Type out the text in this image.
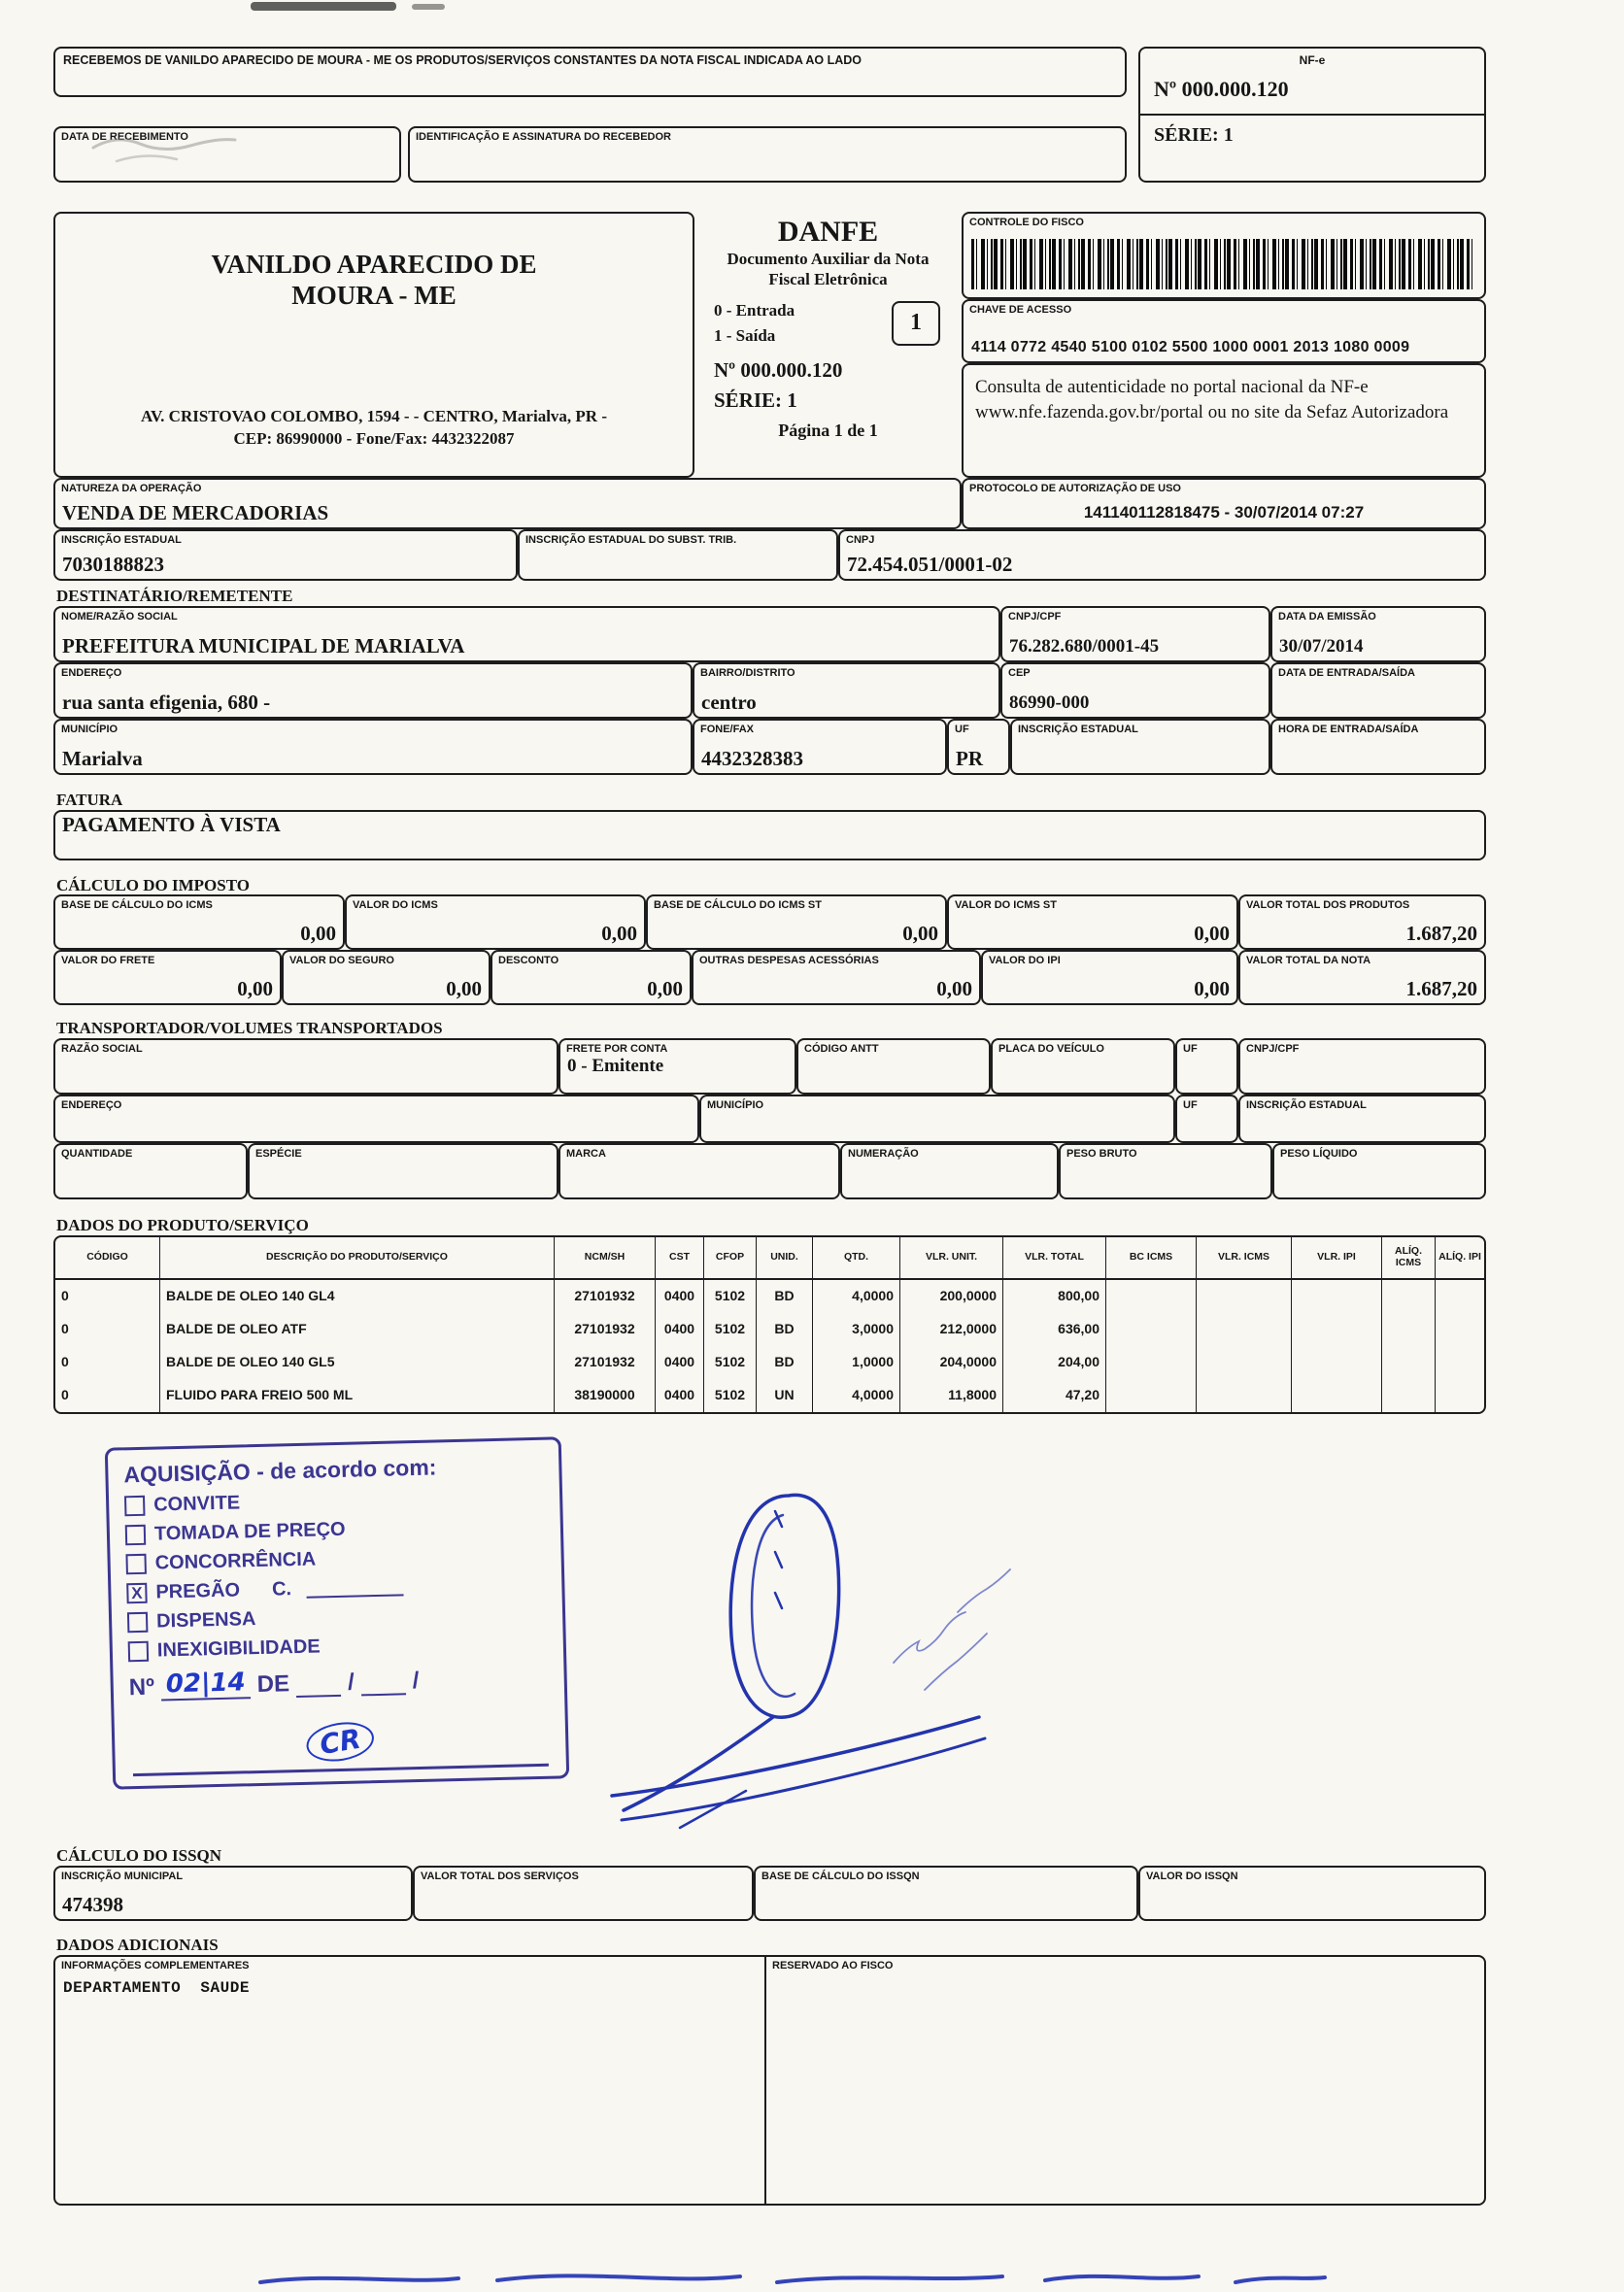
RECEBEMOS DE VANILDO APARECIDO DE MOURA - ME OS PRODUTOS/SERVIÇOS CONSTANTES DA NOTA FISCAL INDICADA AO LADO
DATA DE RECEBIMENTO	IDENTIFICAÇÃO E ASSINATURA DO RECEBEDOR
NF-e
Nº 000.000.120
SÉRIE: 1
VANILDO APARECIDO DE
MOURA - ME
AV. CRISTOVAO COLOMBO, 1594 - - CENTRO, Marialva, PR -
CEP: 86990000 - Fone/Fax: 4432322087
DANFE
Documento Auxiliar da Nota
Fiscal Eletrônica
0 - Entrada
1 - Saída	1
Nº 000.000.120
SÉRIE: 1
Página 1 de 1
CONTROLE DO FISCO
CHAVE DE ACESSO
4114 0772 4540 5100 0102 5500 1000 0001 2013 1080 0009
Consulta de autenticidade no portal nacional da NF-e www.nfe.fazenda.gov.br/portal ou no site da Sefaz Autorizadora
NATUREZA DA OPERAÇÃO
VENDA DE MERCADORIAS
PROTOCOLO DE AUTORIZAÇÃO DE USO
141140112818475 - 30/07/2014 07:27
INSCRIÇÃO ESTADUAL
7030188823
INSCRIÇÃO ESTADUAL DO SUBST. TRIB.	CNPJ
72.454.051/0001-02
DESTINATÁRIO/REMETENTE
NOME/RAZÃO SOCIAL
PREFEITURA MUNICIPAL DE MARIALVA
CNPJ/CPF
76.282.680/0001-45
DATA DA EMISSÃO
30/07/2014
ENDEREÇO
rua santa efigenia, 680 -
BAIRRO/DISTRITO
centro
CEP
86990-000
DATA DE ENTRADA/SAÍDA
MUNICÍPIO
Marialva
FONE/FAX
4432328383
UF
PR
INSCRIÇÃO ESTADUAL	HORA DE ENTRADA/SAÍDA
FATURA
PAGAMENTO À VISTA
CÁLCULO DO IMPOSTO
BASE DE CÁLCULO DO ICMS
0,00
VALOR DO ICMS
0,00
BASE DE CÁLCULO DO ICMS ST
0,00
VALOR DO ICMS ST
0,00
VALOR TOTAL DOS PRODUTOS
1.687,20
VALOR DO FRETE
0,00
VALOR DO SEGURO
0,00
DESCONTO
0,00
OUTRAS DESPESAS ACESSÓRIAS
0,00
VALOR DO IPI
0,00
VALOR TOTAL DA NOTA
1.687,20
TRANSPORTADOR/VOLUMES TRANSPORTADOS
RAZÃO SOCIAL	FRETE POR CONTA
0 - Emitente
CÓDIGO ANTT	PLACA DO VEÍCULO	UF	CNPJ/CPF
ENDEREÇO	MUNICÍPIO	UF	INSCRIÇÃO ESTADUAL
QUANTIDADE	ESPÉCIE	MARCA	NUMERAÇÃO	PESO BRUTO	PESO LÍQUIDO
DADOS DO PRODUTO/SERVIÇO
CÓDIGO	DESCRIÇÃO DO PRODUTO/SERVIÇO	NCM/SH	CST	CFOP	UNID.	QTD.	VLR. UNIT.	VLR. TOTAL	BC ICMS	VLR. ICMS	VLR. IPI	ALÍQ. ICMS	ALÍQ. IPI
0	BALDE DE OLEO 140 GL4	27101932	0400	5102	BD	4,0000	200,0000	800,00
0	BALDE DE OLEO ATF	27101932	0400	5102	BD	3,0000	212,0000	636,00
0	BALDE DE OLEO 140 GL5	27101932	0400	5102	BD	1,0000	204,0000	204,00
0	FLUIDO PARA FREIO 500 ML	38190000	0400	5102	UN	4,0000	11,8000	47,20
AQUISIÇÃO - de acordo com:
CONVITE
TOMADA DE PREÇO
CONCORRÊNCIA
X PREGÃO C.
DISPENSA
INEXIGIBILIDADE
Nº 02|14 DE / /
CR
CÁLCULO DO ISSQN
INSCRIÇÃO MUNICIPAL
474398
VALOR TOTAL DOS SERVIÇOS	BASE DE CÁLCULO DO ISSQN	VALOR DO ISSQN
DADOS ADICIONAIS
INFORMAÇÕES COMPLEMENTARES
DEPARTAMENTO  SAUDE
RESERVADO AO FISCO
